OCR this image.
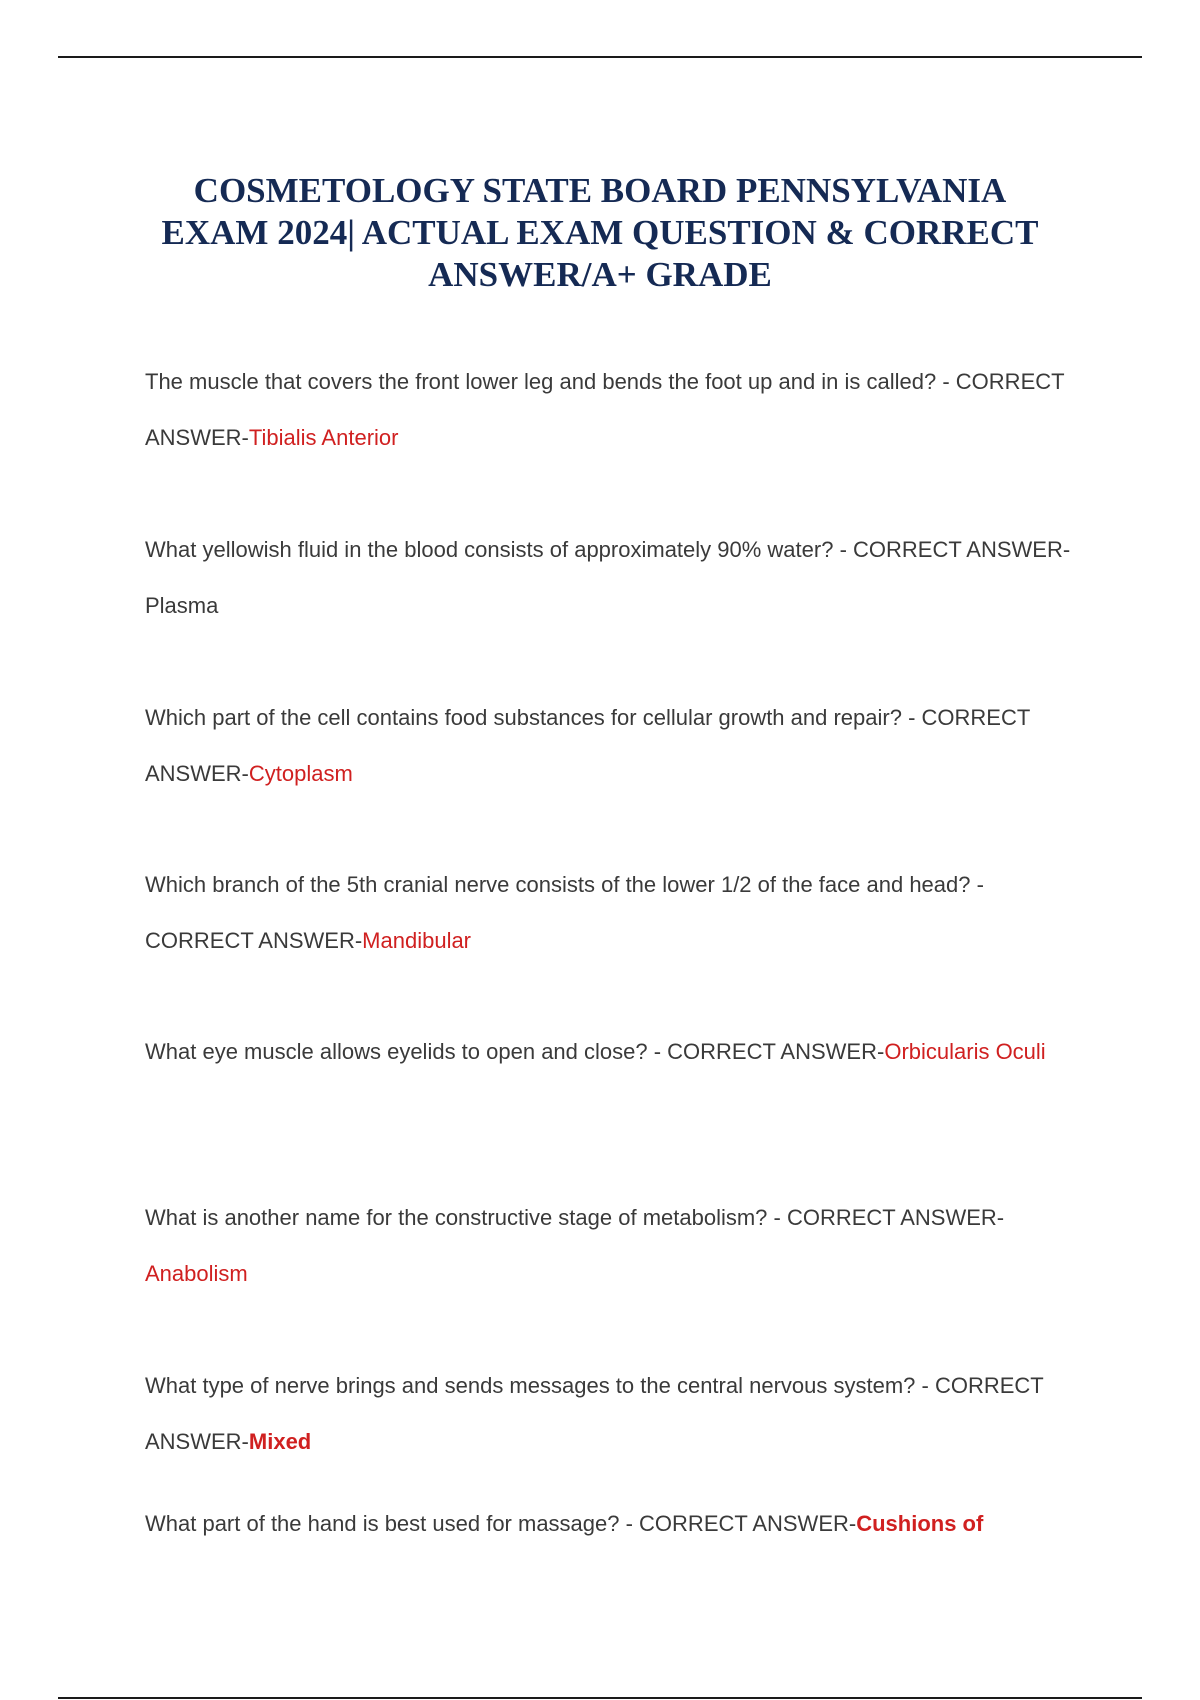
COSMETOLOGY STATE BOARD PENNSYLVANIA EXAM 2024| ACTUAL EXAM QUESTION & CORRECT ANSWER/A+ GRADE

The muscle that covers the front lower leg and bends the foot up and in is called? - CORRECT ANSWER-Tibialis Anterior

What yellowish fluid in the blood consists of approximately 90% water? - CORRECT ANSWER-Plasma

Which part of the cell contains food substances for cellular growth and repair? - CORRECT ANSWER-Cytoplasm

Which branch of the 5th cranial nerve consists of the lower 1/2 of the face and head? - CORRECT ANSWER-Mandibular

What eye muscle allows eyelids to open and close? - CORRECT ANSWER-Orbicularis Oculi

What is another name for the constructive stage of metabolism? - CORRECT ANSWER-Anabolism

What type of nerve brings and sends messages to the central nervous system? - CORRECT ANSWER-Mixed

What part of the hand is best used for massage? - CORRECT ANSWER-Cushions of
